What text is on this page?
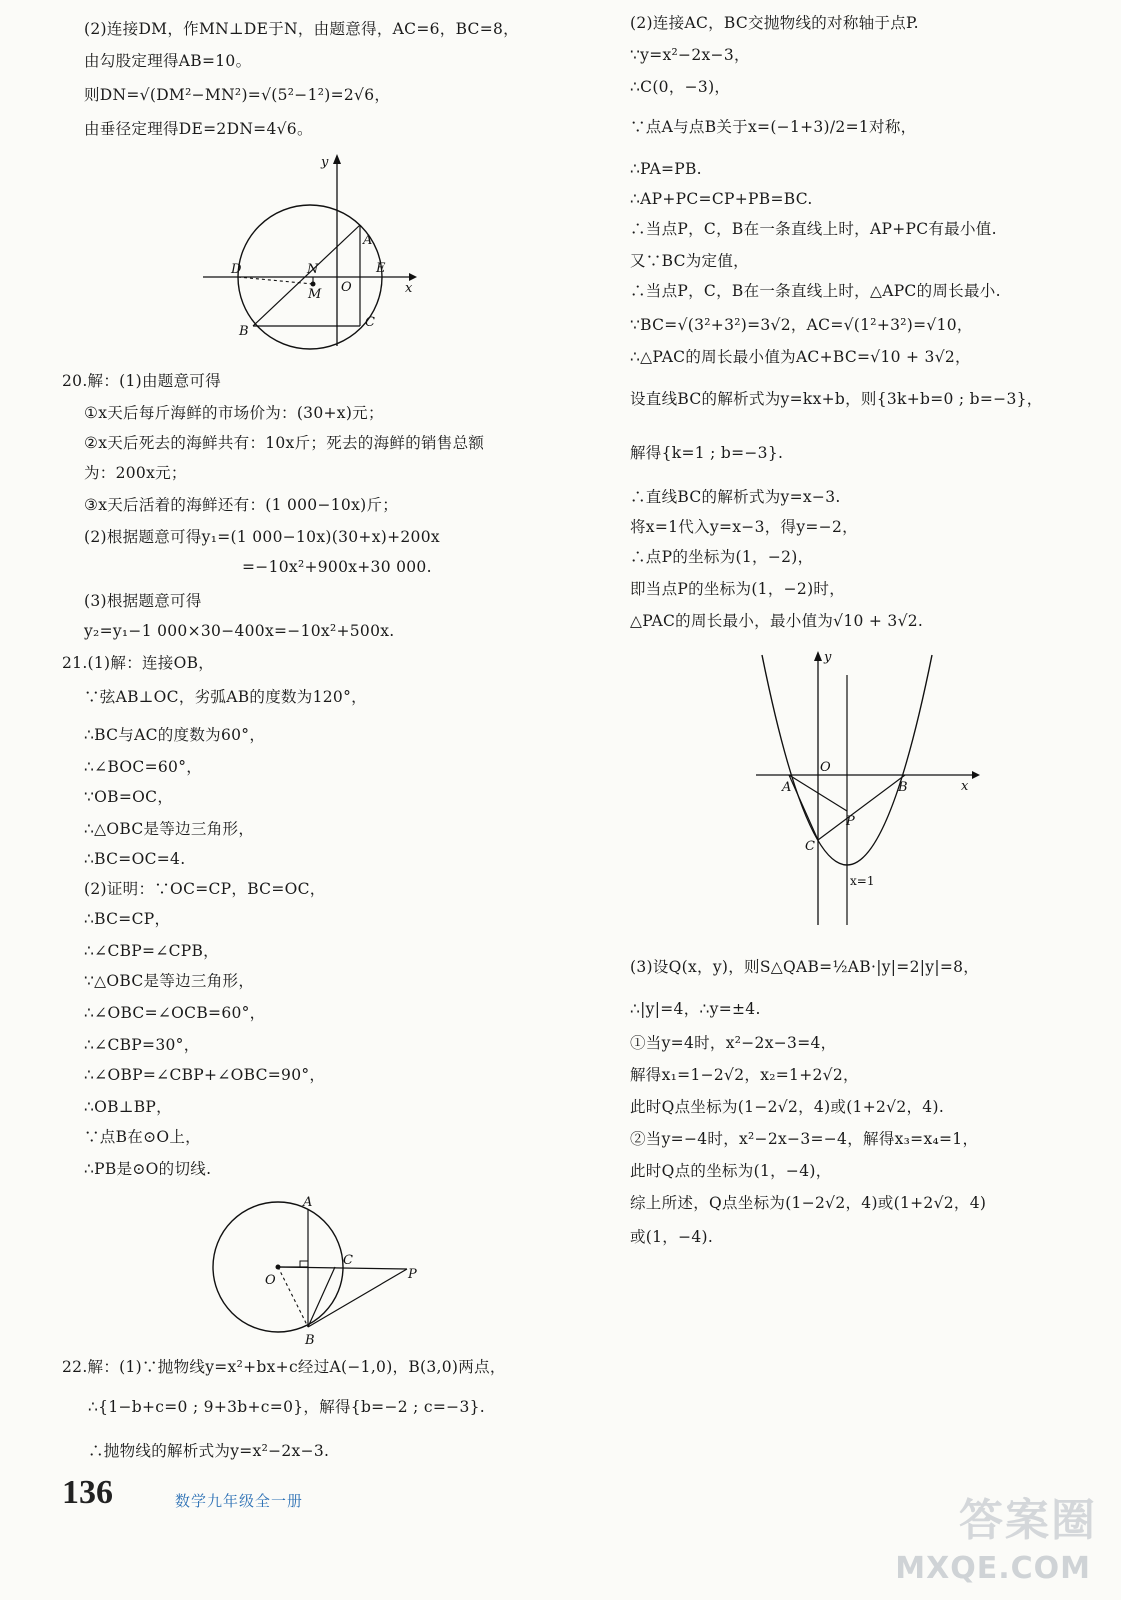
(2)连接DM，作MN⊥DE于N，由题意得，AC=6，BC=8，
由勾股定理得AB=10。
则DN=√(DM²−MN²)=√(5²−1²)=2√6，
由垂径定理得DE=2DN=4√6。
20.解：(1)由题意可得
①x天后每斤海鲜的市场价为：(30+x)元；
②x天后死去的海鲜共有：10x斤；死去的海鲜的销售总额
为：200x元；
③x天后活着的海鲜还有：(1 000−10x)斤；
(2)根据题意可得y₁=(1 000−10x)(30+x)+200x
=−10x²+900x+30 000.
(3)根据题意可得
y₂=y₁−1 000×30−400x=−10x²+500x.
21.(1)解：连接OB，
∵弦AB⊥OC，劣弧AB的度数为120°，
∴BC与AC的度数为60°，
∴∠BOC=60°，
∵OB=OC，
∴△OBC是等边三角形，
∴BC=OC=4.
(2)证明：∵OC=CP，BC=OC，
∴BC=CP，
∴∠CBP=∠CPB，
∵△OBC是等边三角形，
∴∠OBC=∠OCB=60°，
∴∠CBP=30°，
∴∠OBP=∠CBP+∠OBC=90°，
∴OB⊥BP，
∵点B在⊙O上，
∴PB是⊙O的切线.
22.解：(1)∵抛物线y=x²+bx+c经过A(−1,0)，B(3,0)两点，
∴{1−b+c=0 ; 9+3b+c=0}，解得{b=−2 ; c=−3}.
∴抛物线的解析式为y=x²−2x−3.
y
x
D	N
M O
A
E
B
C
A
C
O	P
B
(2)连接AC，BC交抛物线的对称轴于点P.
∵y=x²−2x−3，
∴C(0，−3)，
∵点A与点B关于x=(−1+3)/2=1对称，
∴PA=PB.
∴AP+PC=CP+PB=BC.
∴当点P，C，B在一条直线上时，AP+PC有最小值.
又∵BC为定值，
∴当点P，C，B在一条直线上时，△APC的周长最小.
∵BC=√(3²+3²)=3√2，AC=√(1²+3²)=√10，
∴△PAC的周长最小值为AC+BC=√10 + 3√2，
设直线BC的解析式为y=kx+b，则{3k+b=0 ; b=−3}，
解得{k=1 ; b=−3}.
∴直线BC的解析式为y=x−3.
将x=1代入y=x−3，得y=−2，
∴点P的坐标为(1，−2)，
即当点P的坐标为(1，−2)时，
△PAC的周长最小，最小值为√10 + 3√2.
(3)设Q(x，y)，则S△QAB=½AB·|y|=2|y|=8，
∴|y|=4，∴y=±4.
①当y=4时，x²−2x−3=4，
解得x₁=1−2√2，x₂=1+2√2，
此时Q点坐标为(1−2√2，4)或(1+2√2，4).
②当y=−4时，x²−2x−3=−4，解得x₃=x₄=1，
此时Q点的坐标为(1，−4)，
综上所述，Q点坐标为(1−2√2，4)或(1+2√2，4)
或(1，−4).
y
x
O
A	B
P
C
x=1
136	数学九年级全一册	答案圈
MXQE.COM
